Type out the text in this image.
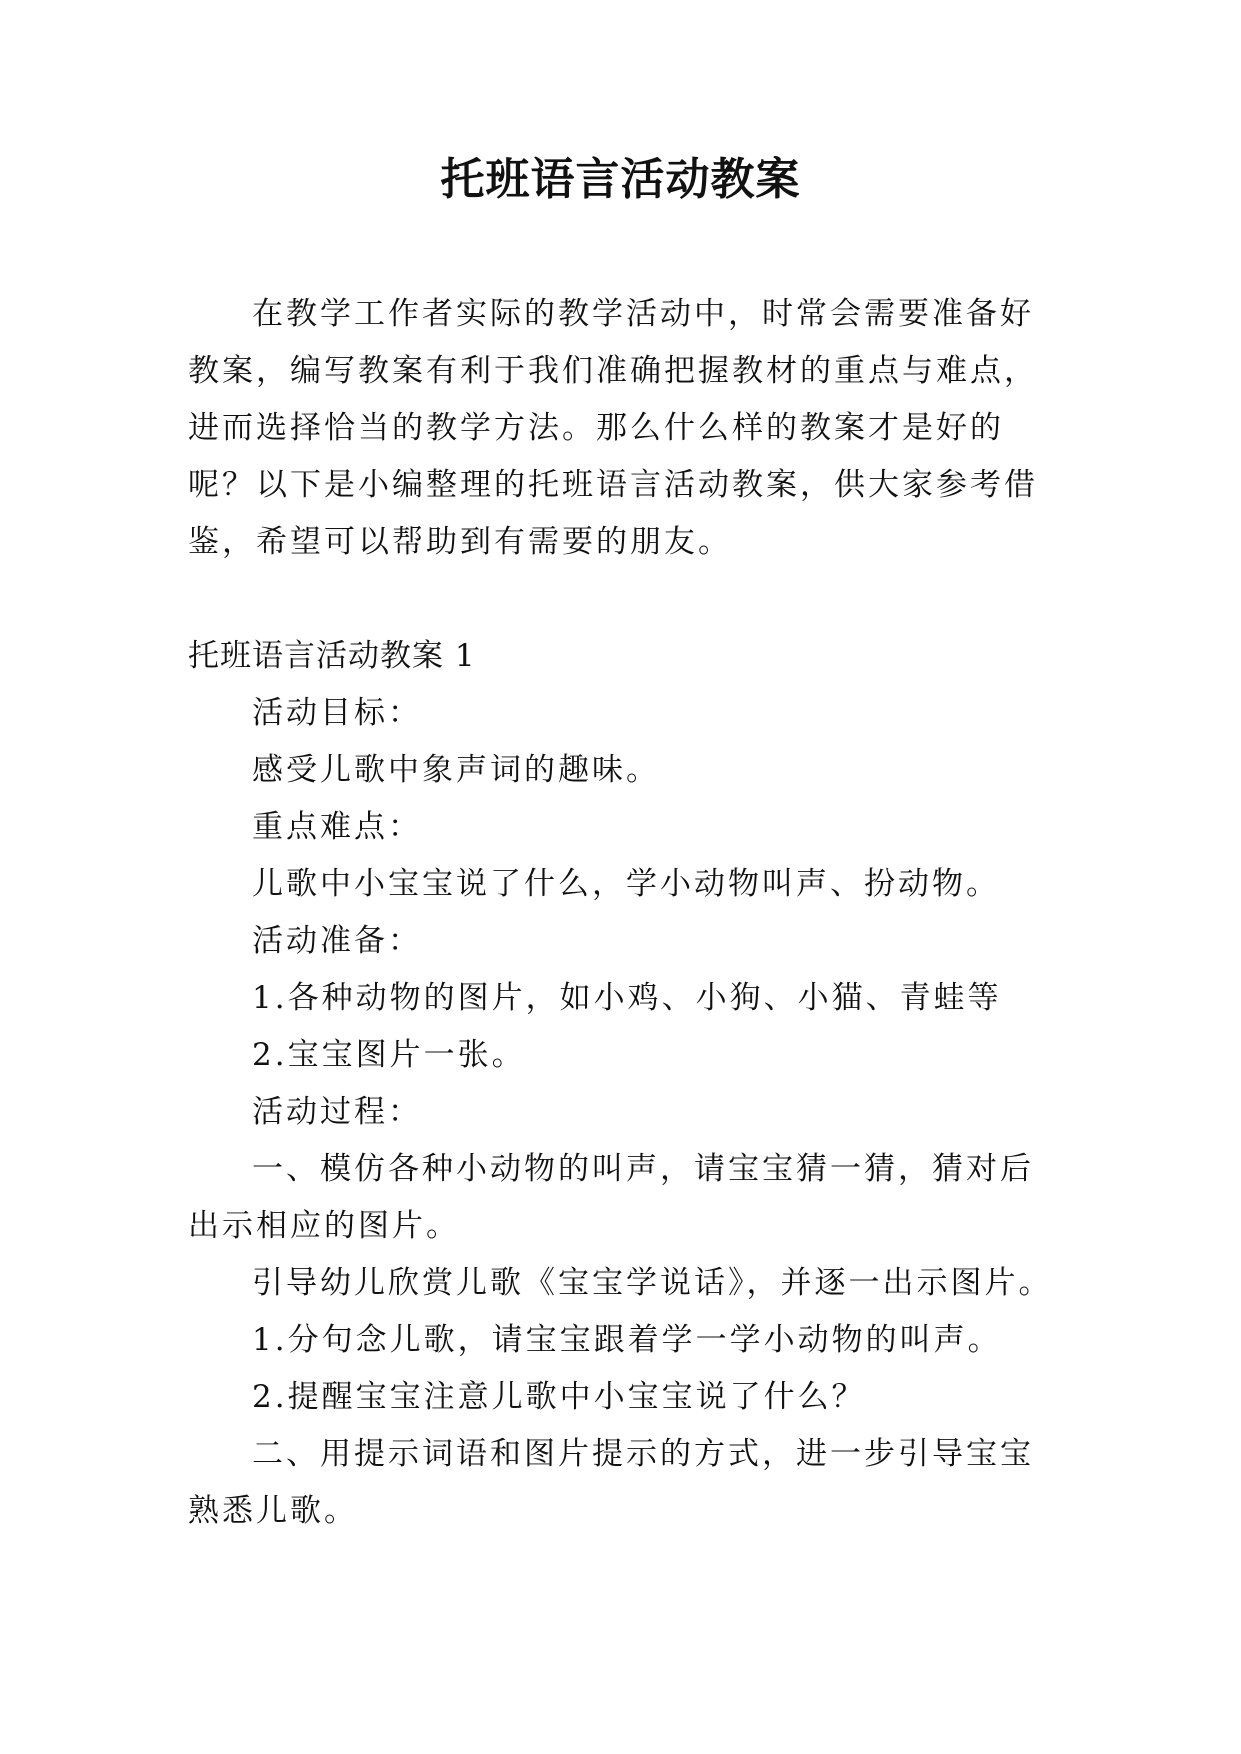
托班语言活动教案

在教学工作者实际的教学活动中，时常会需要准备好教案，编写教案有利于我们准确把握教材的重点与难点，进而选择恰当的教学方法。那么什么样的教案才是好的呢？以下是小编整理的托班语言活动教案，供大家参考借鉴，希望可以帮助到有需要的朋友。

托班语言活动教案 1

活动目标：

感受儿歌中象声词的趣味。

重点难点：

儿歌中小宝宝说了什么，学小动物叫声、扮动物。

活动准备：

1.各种动物的图片，如小鸡、小狗、小猫、青蛙等

2.宝宝图片一张。

活动过程：

一、模仿各种小动物的叫声，请宝宝猜一猜，猜对后出示相应的图片。

引导幼儿欣赏儿歌《宝宝学说话》，并逐一出示图片。

1.分句念儿歌，请宝宝跟着学一学小动物的叫声。

2.提醒宝宝注意儿歌中小宝宝说了什么？

二、用提示词语和图片提示的方式，进一步引导宝宝熟悉儿歌。
